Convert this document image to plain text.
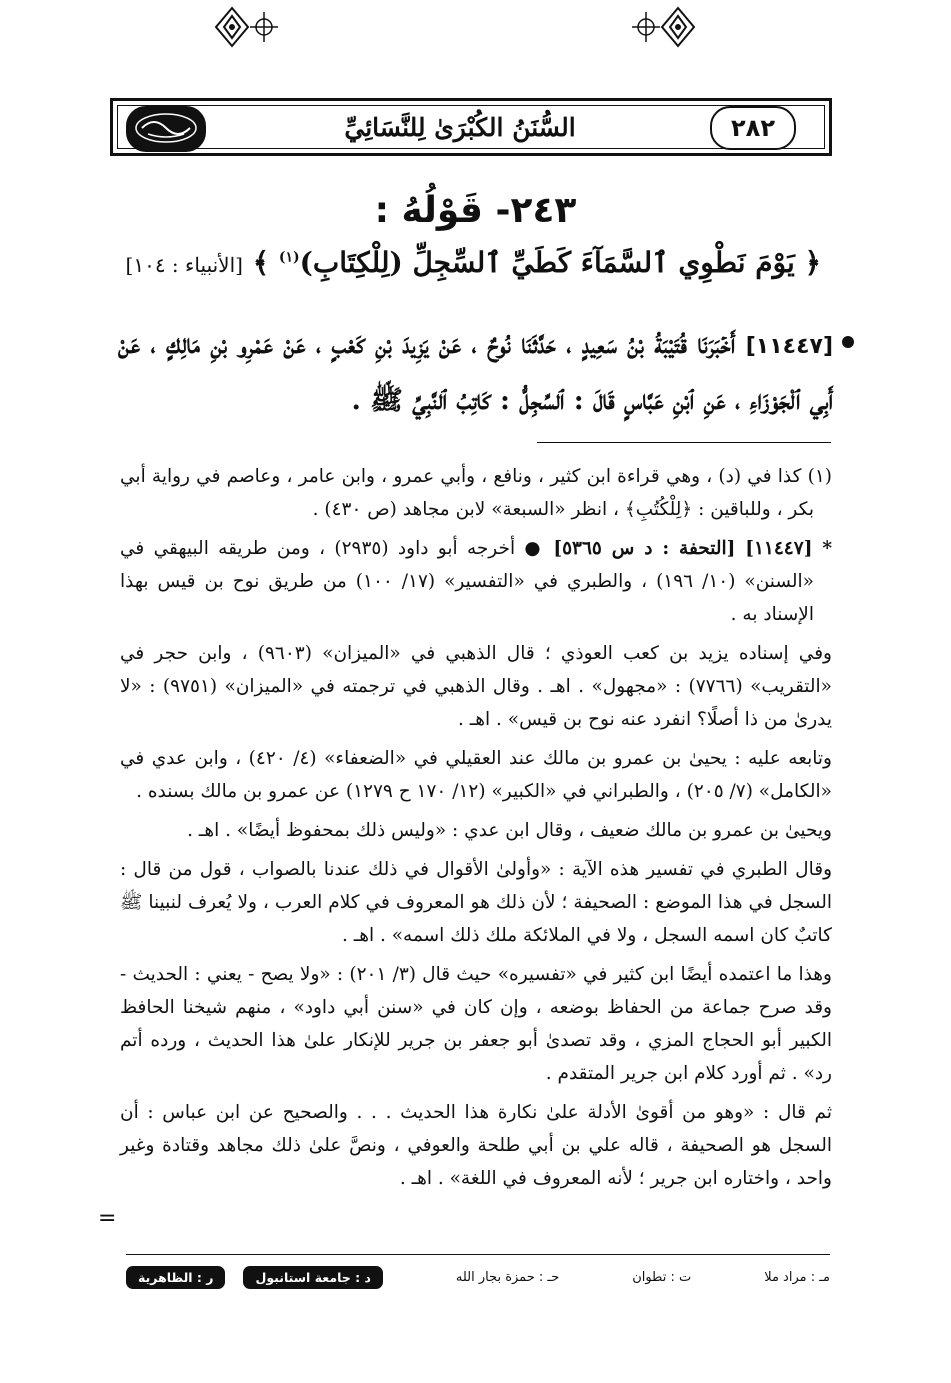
٢٨٢
السُّنَنُ الكُبْرَىٰ لِلنَّسَائِيِّ
٢٤٣- قَوْلُهُ :
﴿ يَوْمَ نَطْوِي ٱلسَّمَآءَ كَطَيِّ ٱلسِّجِلِّ (لِلْكِتَابِ)$^{(١)}$ ﴾ [الأنبياء : ١٠٤]
[١١٤٤٧] أَخۡبَرَنَا قُتَيْبَةُ بْنُ سَعِيدٍ ، حَدَّثَنَا نُوحٌ ، عَنْ يَزِيدَ بْنِ كَعْبٍ ، عَنْ عَمْرِو بْنِ مَالِكٍ ، عَنْ أَبِي ٱلْجَوْزَاءِ ، عَنِ ٱبْنِ عَبَّاسٍ قَالَ : ٱلسِّجِلُّ : كَاتِبُ ٱلنَّبِيِّ ﷺ .

(١) كذا في (د) ، وهي قراءة ابن كثير ، ونافع ، وأبي عمرو ، وابن عامر ، وعاصم في رواية أبي بكر ، وللباقين : ﴿لِلْكُتُبِ﴾ ، انظر «السبعة» لابن مجاهد (ص ٤٣٠) .

* [١١٤٤٧] [التحفة : د س ٥٣٦٥] ● أخرجه أبو داود (٢٩٣٥) ، ومن طريقه البيهقي في «السنن» (١٠/ ١٩٦) ، والطبري في «التفسير» (١٧/ ١٠٠) من طريق نوح بن قيس بهذا الإسناد به .

وفي إسناده يزيد بن كعب العوذي ؛ قال الذهبي في «الميزان» (٩٦٠٣) ، وابن حجر في «التقريب» (٧٧٦٦) : «مجهول» . اهـ . وقال الذهبي في ترجمته في «الميزان» (٩٧٥١) : «لا يدرىٰ من ذا أصلًا؟ انفرد عنه نوح بن قيس» . اهـ .

وتابعه عليه : يحيىٰ بن عمرو بن مالك عند العقيلي في «الضعفاء» (٤/ ٤٢٠) ، وابن عدي في «الكامل» (٧/ ٢٠٥) ، والطبراني في «الكبير» (١٢/ ١٧٠ ح ١٢٧٩) عن عمرو بن مالك بسنده .

ويحيىٰ بن عمرو بن مالك ضعيف ، وقال ابن عدي : «وليس ذلك بمحفوظ أيضًا» . اهـ .

وقال الطبري في تفسير هذه الآية : «وأولىٰ الأقوال في ذلك عندنا بالصواب ، قول من قال : السجل في هذا الموضع : الصحيفة ؛ لأن ذلك هو المعروف في كلام العرب ، ولا يُعرف لنبينا ﷺ كاتبٌ كان اسمه السجل ، ولا في الملائكة ملك ذلك اسمه» . اهـ .

وهذا ما اعتمده أيضًا ابن كثير في «تفسيره» حيث قال (٣/ ٢٠١) : «ولا يصح - يعني : الحديث - وقد صرح جماعة من الحفاظ بوضعه ، وإن كان في «سنن أبي داود» ، منهم شيخنا الحافظ الكبير أبو الحجاج المزي ، وقد تصدىٰ أبو جعفر بن جرير للإنكار علىٰ هذا الحديث ، ورده أتم رد» . ثم أورد كلام ابن جرير المتقدم .

ثم قال : «وهو من أقوىٰ الأدلة علىٰ نكارة هذا الحديث . . . والصحيح عن ابن عباس : أن السجل هو الصحيفة ، قاله علي بن أبي طلحة والعوفي ، ونصَّ علىٰ ذلك مجاهد وقتادة وغير واحد ، واختاره ابن جرير ؛ لأنه المعروف في اللغة» . اهـ .

=
مـ : مراد ملا
ت : تطوان
حـ : حمزة بجار الله
د : جامعة استانبول
ر : الظاهرية
